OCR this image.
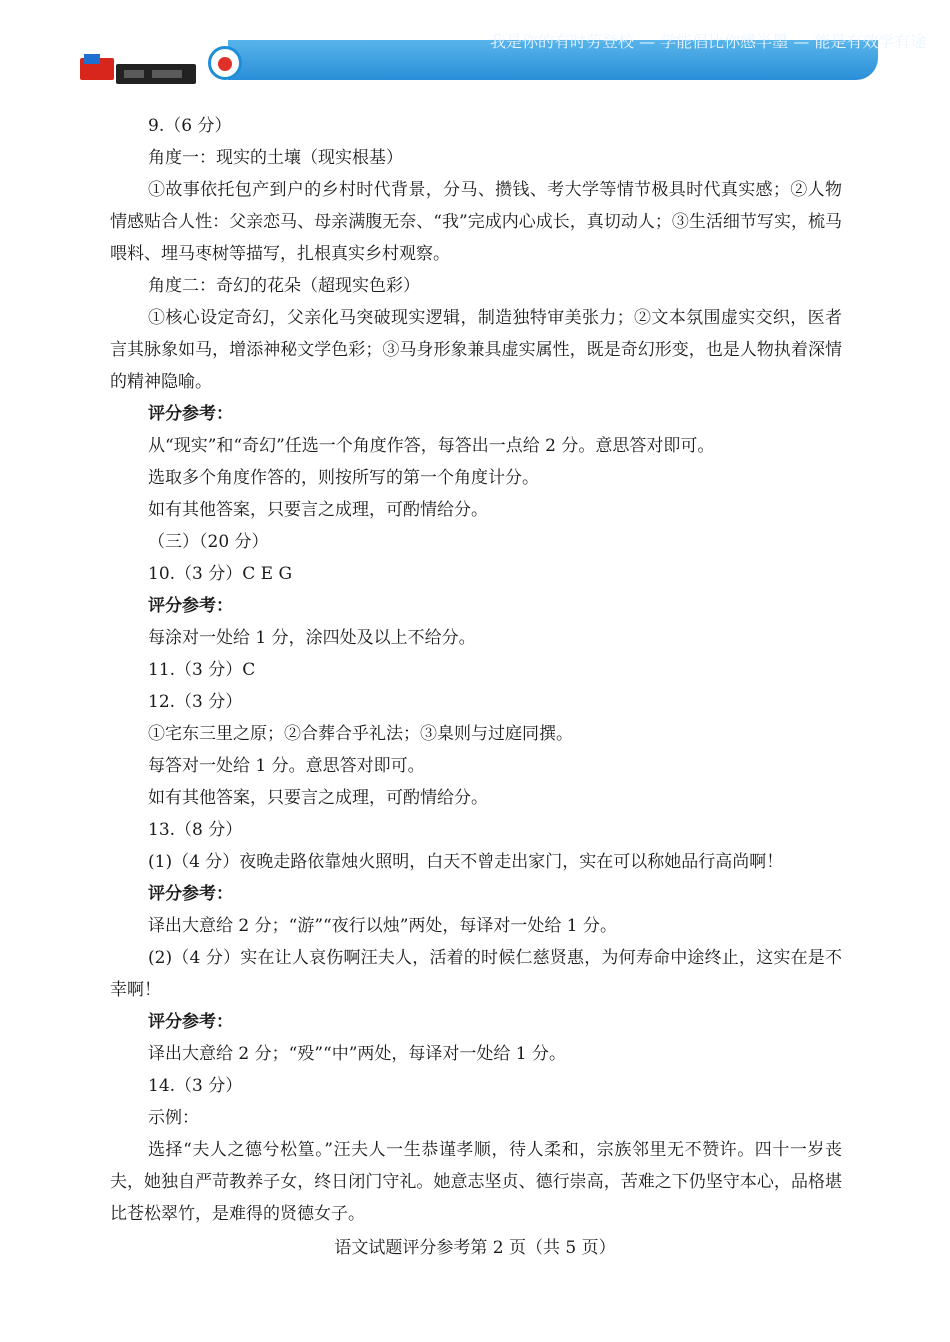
我是你的有时劳登校 — 学能倡比你感半墨 — 能是有效学有途

9.（6 分）

角度一：现实的土壤（现实根基）

①故事依托包产到户的乡村时代背景，分马、攒钱、考大学等情节极具时代真实感；②人物情感贴合人性：父亲恋马、母亲满腹无奈、“我”完成内心成长，真切动人；③生活细节写实，梳马喂料、埋马枣树等描写，扎根真实乡村观察。

角度二：奇幻的花朵（超现实色彩）

①核心设定奇幻，父亲化马突破现实逻辑，制造独特审美张力；②文本氛围虚实交织，医者言其脉象如马，增添神秘文学色彩；③马身形象兼具虚实属性，既是奇幻形变，也是人物执着深情的精神隐喻。

评分参考：

从“现实”和“奇幻”任选一个角度作答，每答出一点给 2 分。意思答对即可。

选取多个角度作答的，则按所写的第一个角度计分。

如有其他答案，只要言之成理，可酌情给分。

（三）（20 分）

10.（3 分）C E G

评分参考：

每涂对一处给 1 分，涂四处及以上不给分。

11.（3 分）C

12.（3 分）

①宅东三里之原；②合葬合乎礼法；③臬则与过庭同撰。

每答对一处给 1 分。意思答对即可。

如有其他答案，只要言之成理，可酌情给分。

13.（8 分）

(1)（4 分）夜晚走路依靠烛火照明，白天不曾走出家门，实在可以称她品行高尚啊！

评分参考：

译出大意给 2 分；“游”“夜行以烛”两处，每译对一处给 1 分。

(2)（4 分）实在让人哀伤啊汪夫人，活着的时候仁慈贤惠，为何寿命中途终止，这实在是不幸啊！

评分参考：

译出大意给 2 分；“殁”“中”两处，每译对一处给 1 分。

14.（3 分）

示例：

选择“夫人之德兮松篁。”汪夫人一生恭谨孝顺，待人柔和，宗族邻里无不赞许。四十一岁丧夫，她独自严苛教养子女，终日闭门守礼。她意志坚贞、德行崇高，苦难之下仍坚守本心，品格堪比苍松翠竹，是难得的贤德女子。

语文试题评分参考第 2 页（共 5 页）
